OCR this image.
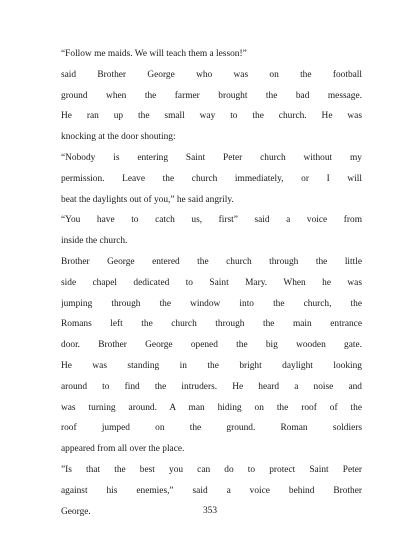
“Follow me maids. We will teach them a lesson!”
said Brother George who was on the football
ground when the farmer brought the bad message.
He ran up the small way to the church. He was
knocking at the door shouting:
“Nobody is entering Saint Peter church without my
permission. Leave the church immediately, or I will
beat the daylights out of you,” he said angrily.
“You have to catch us, first” said a voice from
inside the church.
Brother George entered the church through the little
side chapel dedicated to Saint Mary. When he was
jumping through the window into the church, the
Romans left the church through the main entrance
door. Brother George opened the big wooden gate.
He was standing in the bright daylight looking
around to find the intruders. He heard a noise and
was turning around. A man hiding on the roof of the
roof jumped on the ground. Roman soldiers
appeared from all over the place.
”Is that the best you can do to protect Saint Peter
against his enemies,” said a voice behind Brother
George.	353
